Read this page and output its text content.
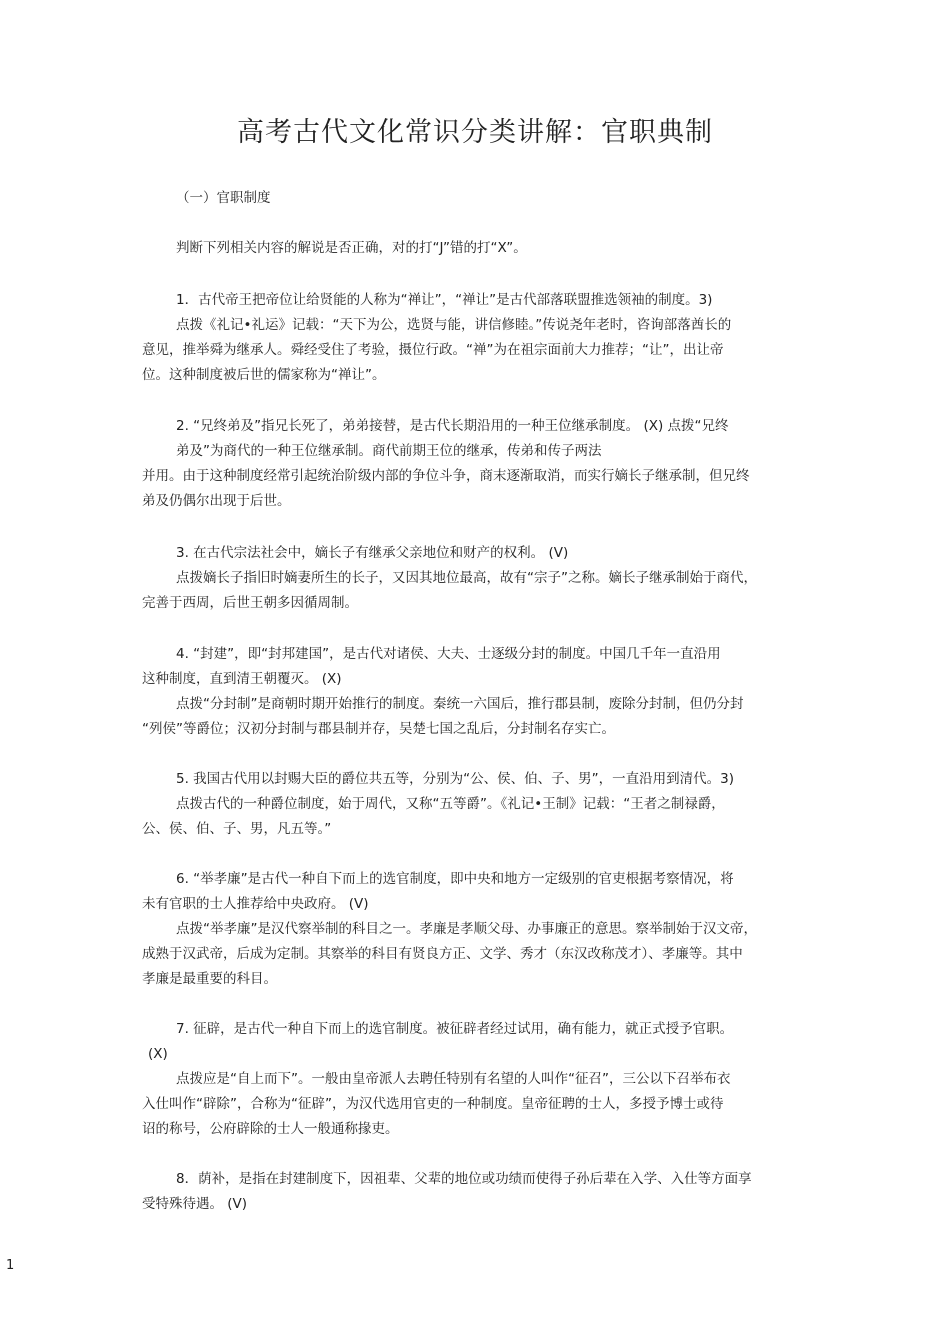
高考古代文化常识分类讲解：官职典制
（一）官职制度
判断下列相关内容的解说是否正确，对的打“J”错的打“X”。
1．古代帝王把帝位让给贤能的人称为“禅让”，“禅让”是古代部落联盟推选领袖的制度。3)
点拨《礼记•礼运》记载：“天下为公，选贤与能，讲信修睦。”传说尧年老时，咨询部落酋长的
意见，推举舜为继承人。舜经受住了考验，摄位行政。“禅”为在祖宗面前大力推荐；“让”，出让帝
位。这种制度被后世的儒家称为“禅让”。
2. “兄终弟及”指兄长死了，弟弟接替，是古代长期沿用的一种王位继承制度。 (X) 点拨“兄终
弟及”为商代的一种王位继承制。商代前期王位的继承，传弟和传子两法
并用。由于这种制度经常引起统治阶级内部的争位斗争，商末逐渐取消，而实行嫡长子继承制，但兄终
弟及仍偶尔出现于后世。
3. 在古代宗法社会中，嫡长子有继承父亲地位和财产的权利。 (V)
点拨嫡长子指旧时嫡妻所生的长子，又因其地位最高，故有“宗子”之称。嫡长子继承制始于商代，
完善于西周，后世王朝多因循周制。
4. “封建”，即“封邦建国”，是古代对诸侯、大夫、士逐级分封的制度。中国几千年一直沿用
这种制度，直到清王朝覆灭。 (X)
点拨“分封制”是商朝时期开始推行的制度。秦统一六国后，推行郡县制，废除分封制，但仍分封
“列侯”等爵位；汉初分封制与郡县制并存，吴楚七国之乱后，分封制名存实亡。
5. 我国古代用以封赐大臣的爵位共五等，分别为“公、侯、伯、子、男”，一直沿用到清代。3)
点拨古代的一种爵位制度，始于周代，又称“五等爵”。《礼记•王制》记载：“王者之制禄爵，
公、侯、伯、子、男，凡五等。”
6. “举孝廉”是古代一种自下而上的选官制度，即中央和地方一定级别的官吏根据考察情况，将
未有官职的士人推荐给中央政府。 (V)
点拨“举孝廉”是汉代察举制的科目之一。孝廉是孝顺父母、办事廉正的意思。察举制始于汉文帝，
成熟于汉武帝，后成为定制。其察举的科目有贤良方正、文学、秀才（东汉改称茂才）、孝廉等。其中
孝廉是最重要的科目。
7. 征辟，是古代一种自下而上的选官制度。被征辟者经过试用，确有能力，就正式授予官职。
(X)
点拨应是“自上而下”。一般由皇帝派人去聘任特别有名望的人叫作“征召”，三公以下召举布衣
入仕叫作“辟除”，合称为“征辟”，为汉代选用官吏的一种制度。皇帝征聘的士人，多授予博士或待
诏的称号，公府辟除的士人一般通称掾吏。
8．荫补，是指在封建制度下，因祖辈、父辈的地位或功绩而使得子孙后辈在入学、入仕等方面享
受特殊待遇。 (V)
1
